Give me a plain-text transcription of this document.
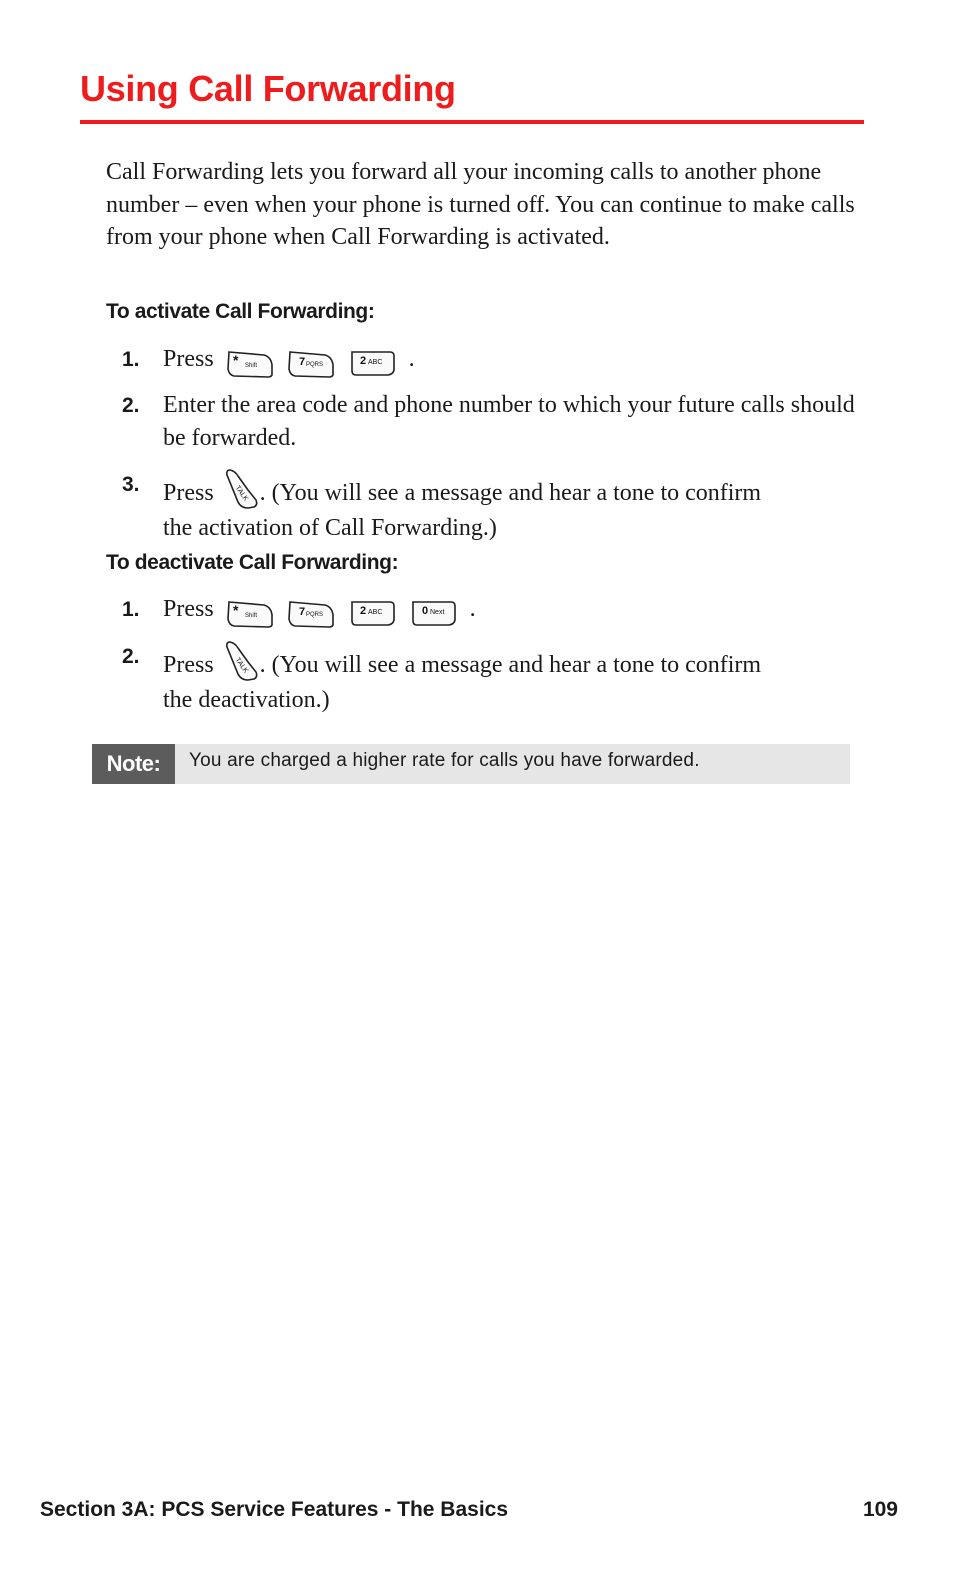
Using Call Forwarding

Call Forwarding lets you forward all your incoming calls to another phone number – even when your phone is turned off. You can continue to make calls from your phone when Call Forwarding is activated.

To activate Call Forwarding:

1. Press * Shift
	7 PQRS
	2 ABC .
2. Enter the area code and phone number to which your future calls should be forwarded.
3. Press	TALK . (You will see a message and hear a tone to confirm
the activation of Call Forwarding.)

To deactivate Call Forwarding:

1. Press * Shift
	7 PQRS
	2 ABC
	0 Next .
2. Press	TALK . (You will see a message and hear a tone to confirm
the deactivation.)
Note:	You are charged a higher rate for calls you have forwarded.
Section 3A: PCS Service Features - The Basics	109
